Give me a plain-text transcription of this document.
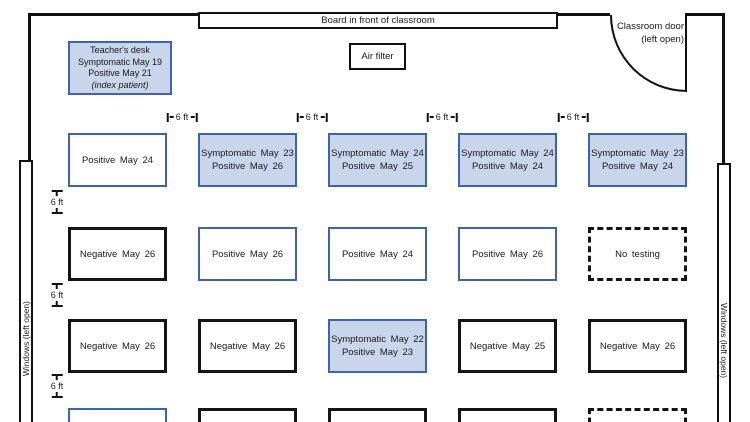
Classroom door
(left open)
Board in front of classroom
Air filter
Windows (left open)	Windows (left open)
Teacher's desk
Symptomatic May 19
Positive May 21
(index patient)
Positive May 24
Symptomatic May 23
Positive May 26
Symptomatic May 24
Positive May 25
Symptomatic May 24
Positive May 24
Symptomatic May 23
Positive May 24
Negative May 26	Positive May 26	Positive May 24	Positive May 26	No testing
Negative May 26	Negative May 26
Symptomatic May 22
Positive May 23
Negative May 25	Negative May 26
6 ft	6 ft	6 ft	6 ft
6 ft
6 ft
6 ft
